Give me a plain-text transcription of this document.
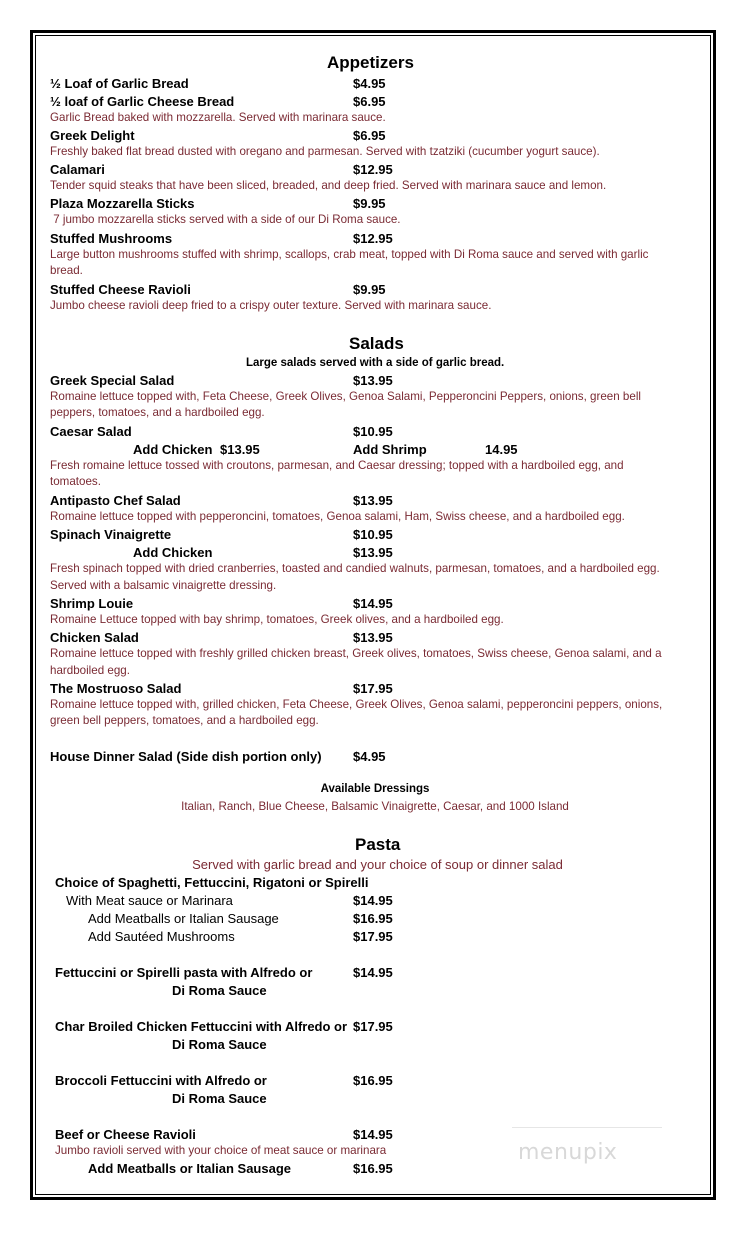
Appetizers
½ Loaf of Garlic Bread	$4.95
½ loaf of Garlic Cheese Bread	$6.95
Garlic Bread baked with mozzarella. Served with marinara sauce.
Greek Delight	$6.95
Freshly baked flat bread dusted with oregano and parmesan. Served with tzatziki (cucumber yogurt sauce).
Calamari	$12.95
Tender squid steaks that have been sliced, breaded, and deep fried. Served with marinara sauce and lemon.
Plaza Mozzarella Sticks	$9.95
7 jumbo mozzarella sticks served with a side of our Di Roma sauce.
Stuffed Mushrooms	$12.95
Large button mushrooms stuffed with shrimp, scallops, crab meat, topped with Di Roma sauce and served with garlic
bread.
Stuffed Cheese Ravioli	$9.95
Jumbo cheese ravioli deep fried to a crispy outer texture. Served with marinara sauce.
Salads
Large salads served with a side of garlic bread.
Greek Special Salad	$13.95
Romaine lettuce topped with, Feta Cheese, Greek Olives, Genoa Salami, Pepperoncini Peppers, onions, green bell
peppers, tomatoes, and a hardboiled egg.
Caesar Salad	$10.95
Add Chicken $13.95	Add Shrimp	14.95
Fresh romaine lettuce tossed with croutons, parmesan, and Caesar dressing; topped with a hardboiled egg, and
tomatoes.
Antipasto Chef Salad	$13.95
Romaine lettuce topped with pepperoncini, tomatoes, Genoa salami, Ham, Swiss cheese, and a hardboiled egg.
Spinach Vinaigrette	$10.95
Add Chicken	$13.95
Fresh spinach topped with dried cranberries, toasted and candied walnuts, parmesan, tomatoes, and a hardboiled egg.
Served with a balsamic vinaigrette dressing.
Shrimp Louie	$14.95
Romaine Lettuce topped with bay shrimp, tomatoes, Greek olives, and a hardboiled egg.
Chicken Salad	$13.95
Romaine lettuce topped with freshly grilled chicken breast, Greek olives, tomatoes, Swiss cheese, Genoa salami, and a
hardboiled egg.
The Mostruoso Salad	$17.95
Romaine lettuce topped with, grilled chicken, Feta Cheese, Greek Olives, Genoa salami, pepperoncini peppers, onions,
green bell peppers, tomatoes, and a hardboiled egg.
House Dinner Salad (Side dish portion only) $4.95
Available Dressings
Italian, Ranch, Blue Cheese, Balsamic Vinaigrette, Caesar, and 1000 Island
Pasta
Served with garlic bread and your choice of soup or dinner salad
Choice of Spaghetti, Fettuccini, Rigatoni or Spirelli
With Meat sauce or Marinara	$14.95
Add Meatballs or Italian Sausage	$16.95
Add Sautéed Mushrooms	$17.95
Fettuccini or Spirelli pasta with Alfredo or	$14.95
Di Roma Sauce
Char Broiled Chicken Fettuccini with Alfredo or $17.95
Di Roma Sauce
Broccoli Fettuccini with Alfredo or	$16.95
Di Roma Sauce
Beef or Cheese Ravioli	$14.95
Jumbo ravioli served with your choice of meat sauce or marinara
Add Meatballs or Italian Sausage	$16.95
menupix
